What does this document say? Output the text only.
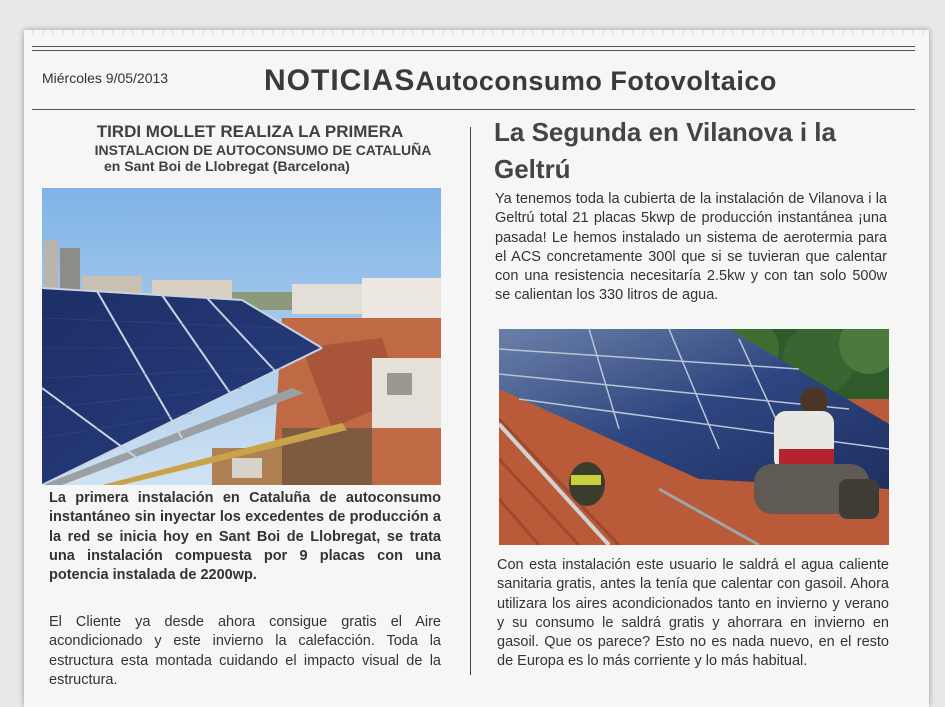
Miércoles 9/05/2013	NOTICIASAutoconsumo Fotovoltaico
TIRDI MOLLET REALIZA LA PRIMERA
INSTALACION DE AUTOCONSUMO DE CATALUÑA
en Sant Boi de Llobregat (Barcelona)
La primera instalación en Cataluña de autoconsumo instantáneo sin inyectar los excedentes de producción a la red se inicia hoy en Sant Boi de Llobregat, se trata una instalación compuesta por 9 placas con una potencia instalada de 2200wp.
El Cliente ya desde ahora consigue gratis el Aire acondicionado y este invierno la calefacción. Toda la estructura esta montada cuidando el impacto visual de la estructura.
La Segunda en Vilanova i la Geltrú
Ya tenemos toda la cubierta de la instalación de Vilanova i la Geltrú total 21 placas 5kwp de producción instantánea ¡una pasada! Le hemos instalado un sistema de aerotermia para el ACS concretamente 300l que si se tuvieran que calentar con una resistencia necesitaría 2.5kw y con tan solo 500w se calientan los 330 litros de agua.
Con esta instalación este usuario le saldrá el agua caliente sanitaria gratis, antes la tenía que calentar con gasoil. Ahora utilizara los aires acondicionados tanto en invierno y verano y su consumo le saldrá gratis y ahorrara en invierno en gasoil. Que os parece? Esto no es nada nuevo, en el resto de Europa es lo más corriente y lo más habitual.
